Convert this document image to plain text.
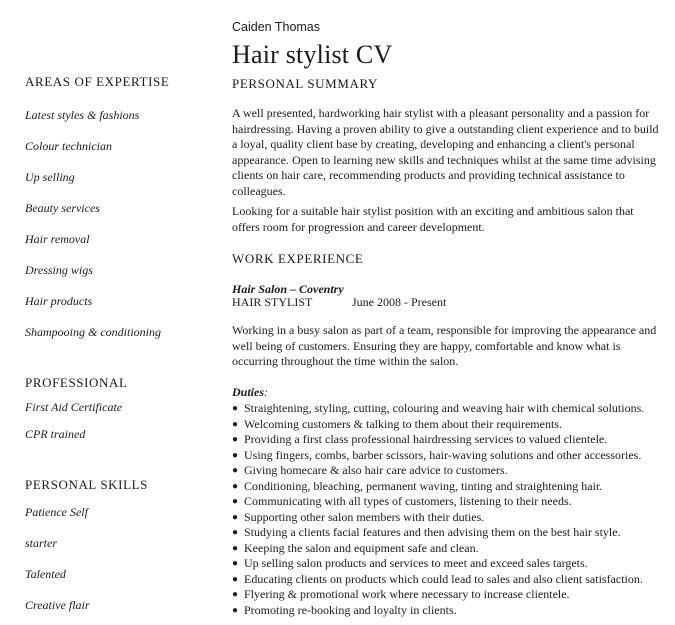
Caiden Thomas
Hair stylist CV
AREAS OF EXPERTISE
Latest styles & fashions
Colour technician
Up selling
Beauty services
Hair removal
Dressing wigs
Hair products
Shampooing & conditioning
PROFESSIONAL
First Aid Certificate
CPR trained
PERSONAL SKILLS
Patience Self
starter
Talented
Creative flair
PERSONAL SUMMARY
A well presented, hardworking hair stylist with a pleasant personality and a passion for hairdressing. Having a proven ability to give a outstanding client experience and to build a loyal, quality client base by creating, developing and enhancing a client's personal appearance. Open to learning new skills and techniques whilst at the same time advising clients on hair care, recommending products and providing technical assistance to colleagues.
Looking for a suitable hair stylist position with an exciting and ambitious salon that offers room for progression and career development.
WORK EXPERIENCE
Hair Salon – Coventry
HAIR STYLIST	June 2008 - Present
Working in a busy salon as part of a team, responsible for improving the appearance and well being of customers. Ensuring they are happy, comfortable and know what is occurring throughout the time within the salon.
Duties:
● Straightening, styling, cutting, colouring and weaving hair with chemical solutions.
● Welcoming customers & talking to them about their requirements.
● Providing a first class professional hairdressing services to valued clientele.
● Using fingers, combs, barber scissors, hair-waving solutions and other accessories.
● Giving homecare & also hair care advice to customers.
● Conditioning, bleaching, permanent waving, tinting and straightening hair.
● Communicating with all types of customers, listening to their needs.
● Supporting other salon members with their duties.
● Studying a clients facial features and then advising them on the best hair style.
● Keeping the salon and equipment safe and clean.
● Up selling salon products and services to meet and exceed sales targets.
● Educating clients on products which could lead to sales and also client satisfaction.
● Flyering & promotional work where necessary to increase clientele.
● Promoting re-booking and loyalty in clients.
